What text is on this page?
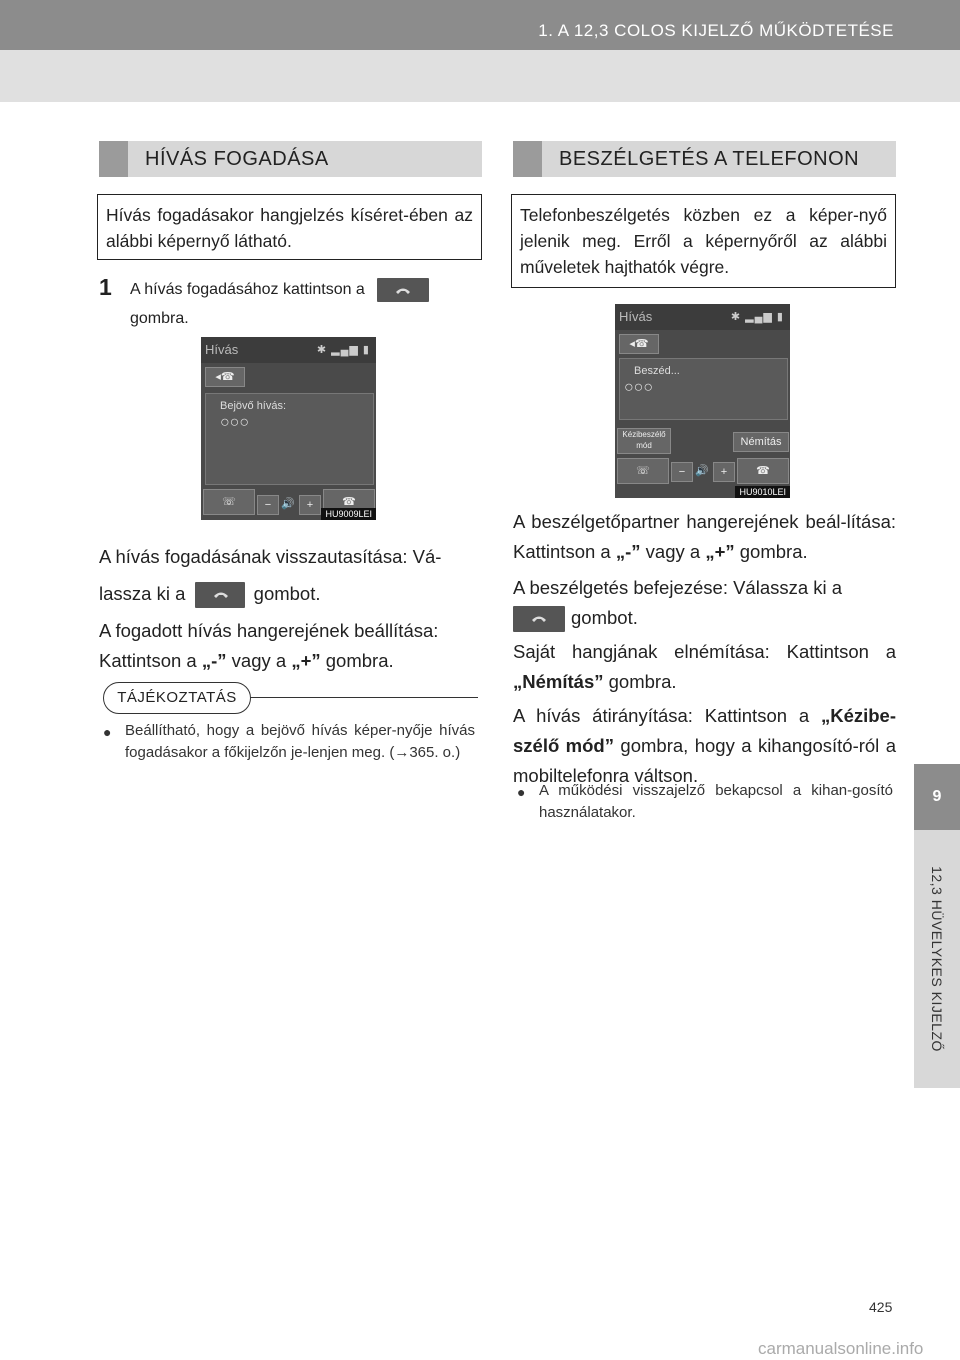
1. A 12,3 COLOS KIJELZŐ MŰKÖDTETÉSE
9
12,3 HÜVELYKES KIJELZŐ
HÍVÁS FOGADÁSA
Hívás fogadásakor hangjelzés kíséret-ében az alábbi képernyő látható.
1 A hívás fogadásához kattintson a

gombra.
Hívás	✱ ▂▄▆ ▮
◂☎
Bejövő hívás:
○○○
☏	− 🔊	+	☎
HU9009LEI
A hívás fogadásának visszautasítása: Vá-
lassza ki a	gombot.
A fogadott hívás hangerejének beállítása:
Kattintson a „-” vagy a „+” gombra.
TÁJÉKOZTATÁS
● Beállítható, hogy a bejövő hívás képer-nyője hívás fogadásakor a főkijelzőn je-lenjen meg. (→365. o.)
BESZÉLGETÉS A TELEFONON
Telefonbeszélgetés közben ez a képer-nyő jelenik meg. Erről a képernyőről az alábbi műveletek hajthatók végre.
Hívás	✱ ▂▄▆ ▮
◂☎
Beszéd...
○○○
Kézibeszélő mód	Némítás
☏	− 🔊	+	☎
HU9010LEI
A beszélgetőpartner hangerejének beál-lítása: Kattintson a „-” vagy a „+” gombra.
A beszélgetés befejezése: Válassza ki a

gombot.
Saját hangjának elnémítása: Kattintson a „Némítás” gombra.
A hívás átirányítása: Kattintson a „Kézibe-szélő mód” gombra, hogy a kihangosító-ról a mobiltelefonra váltson.
● A működési visszajelző bekapcsol a kihan-gosító használatakor.
425
carmanualsonline.info
